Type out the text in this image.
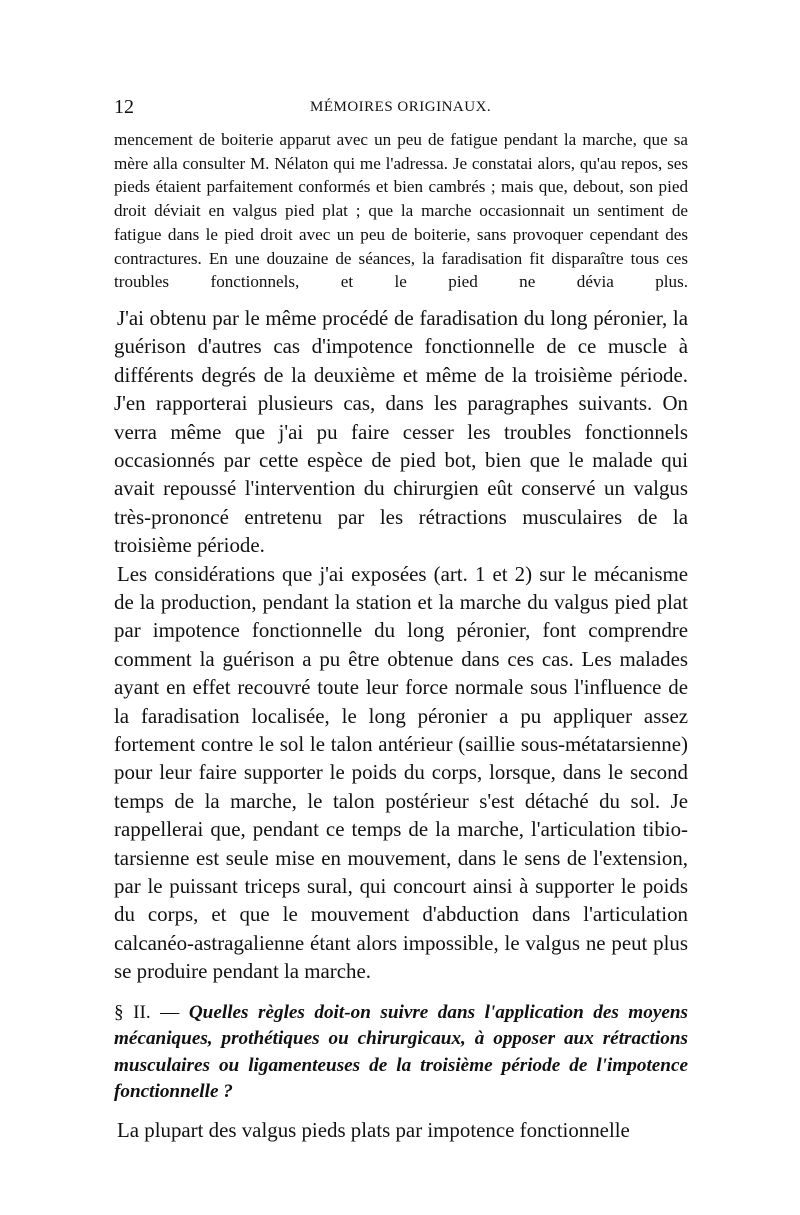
12	MÉMOIRES ORIGINAUX.
mencement de boiterie apparut avec un peu de fatigue pendant la marche, que sa mère alla consulter M. Nélaton qui me l'adressa. Je constatai alors, qu'au repos, ses pieds étaient parfaitement conformés et bien cambrés ; mais que, debout, son pied droit déviait en valgus pied plat ; que la marche occasionnait un sentiment de fatigue dans le pied droit avec un peu de boiterie, sans provoquer cependant des contractures. En une douzaine de séances, la faradisation fit disparaître tous ces troubles fonctionnels, et le pied ne dévia plus.

J'ai obtenu par le même procédé de faradisation du long péronier, la guérison d'autres cas d'impotence fonctionnelle de ce muscle à différents degrés de la deuxième et même de la troisième période. J'en rapporterai plusieurs cas, dans les paragraphes suivants. On verra même que j'ai pu faire cesser les troubles fonctionnels occasionnés par cette espèce de pied bot, bien que le malade qui avait repoussé l'intervention du chirurgien eût conservé un valgus très-prononcé entretenu par les rétractions musculaires de la troisième période.

Les considérations que j'ai exposées (art. 1 et 2) sur le mécanisme de la production, pendant la station et la marche du valgus pied plat par impotence fonctionnelle du long péronier, font comprendre comment la guérison a pu être obtenue dans ces cas. Les malades ayant en effet recouvré toute leur force normale sous l'influence de la faradisation localisée, le long péronier a pu appliquer assez fortement contre le sol le talon antérieur (saillie sous-métatarsienne) pour leur faire supporter le poids du corps, lorsque, dans le second temps de la marche, le talon postérieur s'est détaché du sol. Je rappellerai que, pendant ce temps de la marche, l'articulation tibio-tarsienne est seule mise en mouvement, dans le sens de l'extension, par le puissant triceps sural, qui concourt ainsi à supporter le poids du corps, et que le mouvement d'abduction dans l'articulation calcanéo-astragalienne étant alors impossible, le valgus ne peut plus se produire pendant la marche.

§ II. — Quelles règles doit-on suivre dans l'application des moyens mécaniques, prothétiques ou chirurgicaux, à opposer aux rétractions musculaires ou ligamenteuses de la troisième période de l'impotence fonctionnelle ?
La plupart des valgus pieds plats par impotence fonctionnelle
